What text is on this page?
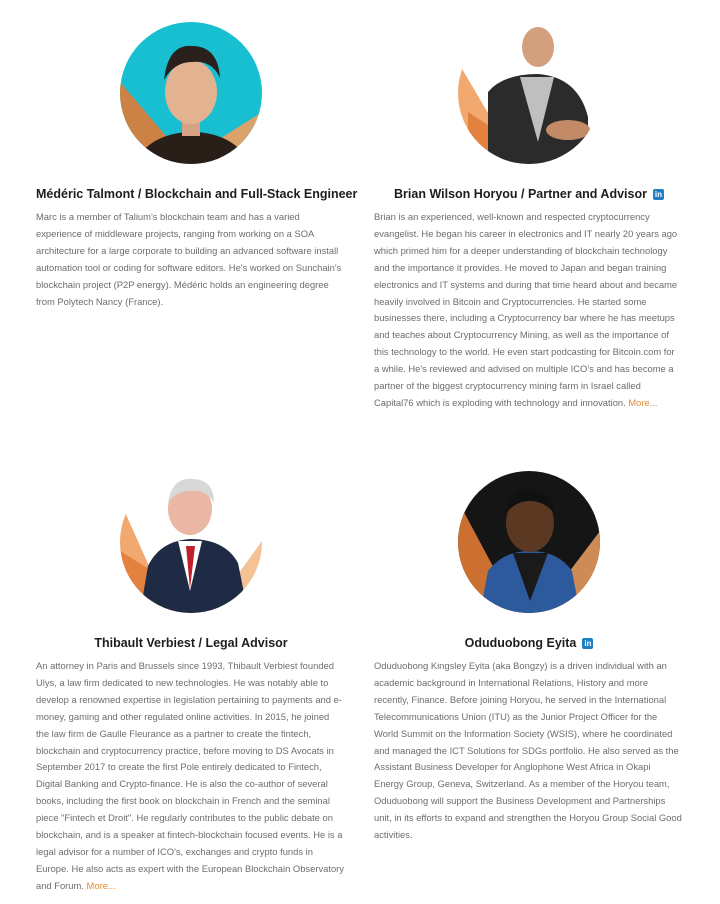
Médéric Talmont / Blockchain and Full-Stack Engineer

Marc is a member of Talium's blockchain team and has a varied experience of middleware projects, ranging from working on a SOA architecture for a large corporate to building an advanced software install automation tool or coding for software editors. He's worked on Sunchain's blockchain project (P2P energy). Médéric holds an engineering degree from Polytech Nancy (France).

Brian Wilson Horyou / Partner and Advisor in

Brian is an experienced, well-known and respected cryptocurrency evangelist. He began his career in electronics and IT nearly 20 years ago which primed him for a deeper understanding of blockchain technology and the importance it provides. He moved to Japan and began training electronics and IT systems and during that time heard about and became heavily involved in Bitcoin and Cryptocurrencies. He started some businesses there, including a Cryptocurrency bar where he has meetups and teaches about Cryptocurrency Mining, as well as the importance of this technology to the world. He even start podcasting for Bitcoin.com for a while. He's reviewed and advised on multiple ICO's and has become a partner of the biggest cryptocurrency mining farm in Israel called Capital76 which is exploding with technology and innovation. More...

Thibault Verbiest / Legal Advisor

An attorney in Paris and Brussels since 1993, Thibault Verbiest founded Ulys, a law firm dedicated to new technologies. He was notably able to develop a renowned expertise in legislation pertaining to payments and e-money, gaming and other regulated online activities. In 2015, he joined the law firm de Gaulle Fleurance as a partner to create the fintech, blockchain and cryptocurrency practice, before moving to DS Avocats in September 2017 to create the first Pole entirely dedicated to Fintech, Digital Banking and Crypto-finance. He is also the co-author of several books, including the first book on blockchain in French and the seminal piece "Fintech et Droit". He regularly contributes to the public debate on blockchain, and is a speaker at fintech-blockchain focused events. He is a legal advisor for a number of ICO's, exchanges and crypto funds in Europe. He also acts as expert with the European Blockchain Observatory and Forum. More...

Oduduobong Eyita in

Oduduobong Kingsley Eyita (aka Bongzy) is a driven individual with an academic background in International Relations, History and more recently, Finance. Before joining Horyou, he served in the International Telecommunications Union (ITU) as the Junior Project Officer for the World Summit on the Information Society (WSIS), where he coordinated and managed the ICT Solutions for SDGs portfolio. He also served as the Assistant Business Developer for Anglophone West Africa in Okapi Energy Group, Geneva, Switzerland. As a member of the Horyou team, Oduduobong will support the Business Development and Partnerships unit, in its efforts to expand and strengthen the Horyou Group Social Good activities.
